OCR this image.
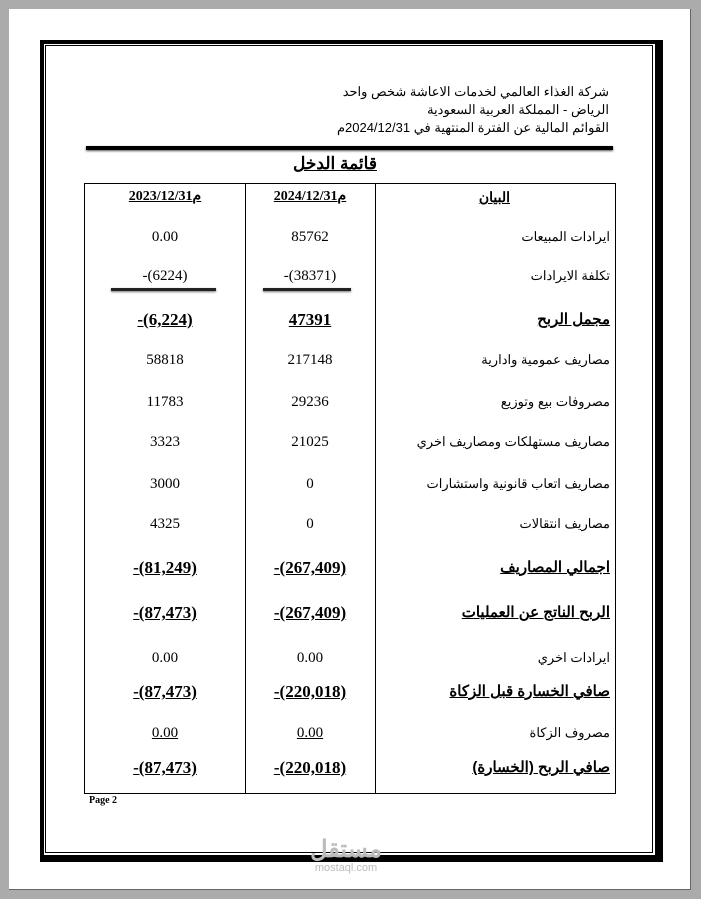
شركة الغذاء العالمي لخدمات الاعاشة شخص واحد
الرياض - المملكة العربية السعودية
القوائم المالية عن الفترة المنتهية في 2024/12/31م
قائمة الدخل
البيان
2024/12/31م
2023/12/31م
ايرادات المبيعات
85762
0.00
تكلفة الايرادات
-(38371)
-(6224)
مجمل الربح
47391
-(6,224)
مصاريف عمومية وادارية
217148
58818
مصروفات بيع وتوزيع
29236
11783
مصاريف مستهلكات ومصاريف اخري
21025
3323
مصاريف اتعاب قانونية واستشارات
0
3000
مصاريف انتقالات
0
4325
اجمالي المصاريف
-(267,409)
-(81,249)
الربح الناتج عن العمليات
-(267,409)
-(87,473)
ايرادات اخري
0.00
0.00
صافي الخسارة قبل الزكاة
-(220,018)
-(87,473)
مصروف الزكاة
0.00
0.00
صافي الربح (الخسارة)
-(220,018)
-(87,473)
Page 2
مستقل
mostaql.com
